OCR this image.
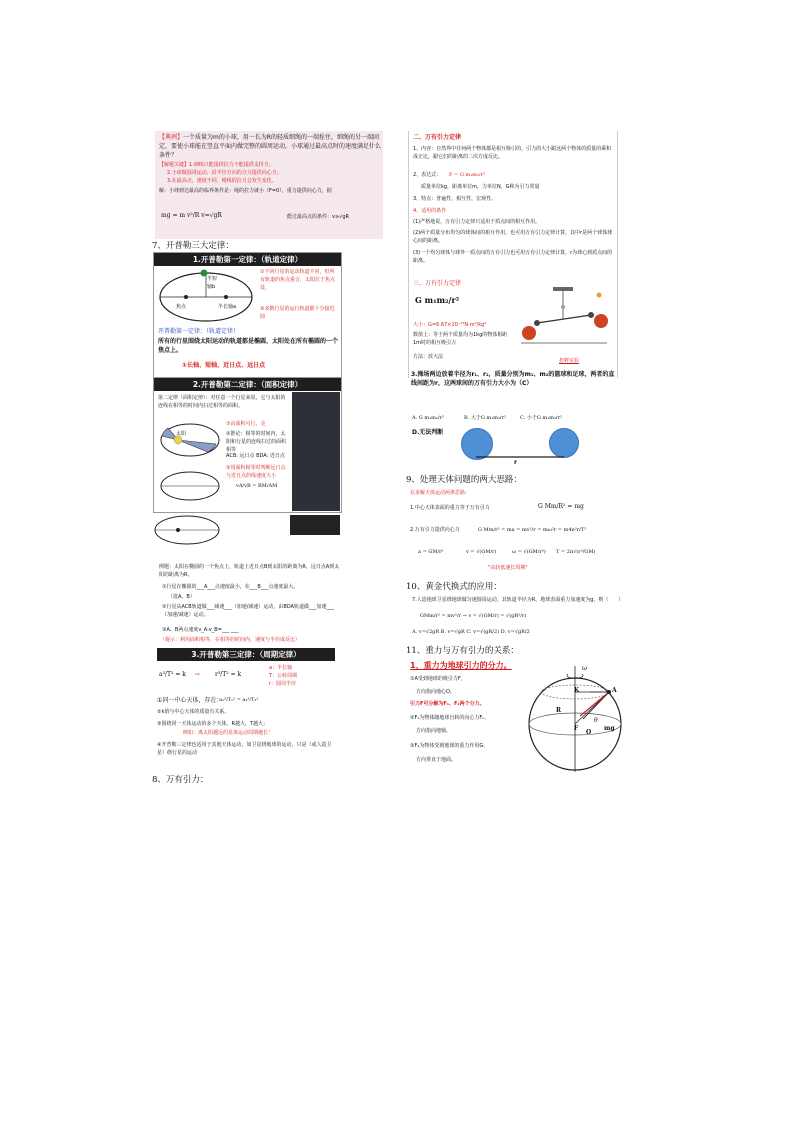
【典例】一个质量为m的小球，用一长为R的轻质细绳的一端拴住，细绳的另一端固定，要使小球能在竖直平面内做完整的圆周运动，小球通过最高点时的速度满足什么条件？
【解题关键】1.细线只能提供拉力不能提供支持力；
2.小球做圆周运动，沿半径方向的合力提供向心力；
3.在最高点，速度不同，绳线的拉力会发生变化。
解：小球到达最高的临界条件是：绳的拉力就小（F=0），重力提供向心力，据
mg = m v²/R v=√gR	能过最高点的条件：v≥√gR
7、开普勒三大定律：
1.开普勒第一定律：（轨道定律）
焦点	半长轴a
半短轴b
①不同行星的运动轨道不同，但所有轨道的焦点重合，太阳位于焦点处。
③多数行星的运行轨道都十分接近圆
开普勒第一定律：（轨道定律）
所有的行星围绕太阳运动的轨道都是椭圆，太阳处在所有椭圆的一个焦点上。
①长轴、短轴、近日点、远日点
2.开普勒第二定律：（面积定律）
第二定律（面积定律）：对任意一个行星来说，它与太阳的连线在相等的时间内扫过相等的面积。
太阳
①由面积可行，走
②推论：相等的时间内，太阳和行星的连线扫过的面积相等
ACB: 远日点 BDA: 近日点
③用面积相等时判断远日点与近日点的线速度大小
vA/vB = BM/AM
例题：太阳在椭圆的一个焦点上，轨道上近日点B到太阳的距离为R，远日点A到太阳的距离为R。
①行星在椭圆的___A___点速度最小，在___B___点速度最大。
（选A、B）
②行星从ACB轨道做___减速___（加速/减速）运动，由BDA轨道做___加速___（加速/减速）运动。
③A、B两点速度v_A:v_B=___ ___
（提示：利用面积相等，在相等的时间内，速度与半径成反比）
3.开普勒第三定律：（周期定律）
a³/T² = k ⇨ r³/T² = k
a：半长轴
T：公转周期
r：圆周半径
①同一中心天体，存在：
a₁³/T₁² = a₂³/T₂²
②k值与中心天体的质量有关系。
③围绕同一天体运动的多个天体，R越大，T越大；
例如：离太阳越远的星体运动周期越长！
④开普勒三定律也适用于其他天体运动，如卫星绕地球的运动，只是（或人造卫星）绕行星的运动
8、万有引力：
二、万有引力定律
1、内容：自然界中任何两个物体都是相互吸引的，引力的大小跟这两个物体的质量的乘积成正比，跟它们的距离的二次方成反比。
2、表达式： F = G m₁m₂/r²
质量单位kg，距离单位m，力单位N。G称为引力常量
3、特点：普遍性，相互性，宏观性。
4、适用的条件
(1)严格地说，万有引力定律只适用于质点间的相互作用。
(2)两个质量分布均匀的球体间的相互作用，也可用万有引力定律计算，其中r是两个球体球心间的距离。
(3)一个均匀球体与球外一质点间的万有引力也可用万有引力定律计算，r为球心到质点间的距离。
三、万有引力定律
G m₁m₂/r²
大小：G=6.67×10⁻¹¹N·m²/kg²
数值上：等于两个质量均为1kg的物体相距1m时的相互吸引力
方法：放大法
扭秤实验
3.操场两边放着半径为r₁、r₂，质量分别为m₁、m₂的篮球和足球，两者的直线间距为r，这两球间的万有引力大小为（C）
A. G m₁m₂/r²	B. 大于G m₁m₂/r²	C. 小于G m₁m₂/r²
D.无法判断
r
9、处理天体问题的两大思路：
在求解天体运动两条思路：
1.中心天体表面的重力等于万有引力	G Mm/R² = mg
2.万有引力提供向心力	G Mm/r² = ma = mv²/r = mω²r = m4π²r/T²
a = GM/r²	v = √(GM/r)	ω = √(GM/r³) T = 2π√(r³/GM)
"高轨低速长周期"
10、黄金代换式的应用：
7.人造地球卫星绕地球做匀速圆周运动，其轨道半径为R，地球表面重力加速度为g，则（　　）
GMm/r² = mv²/r → v = √(GM/r) = √(gR²/r)
A. v=√2gR B. v=√gR C. v=√(gR/2) D. v=√gR/2
11、重力与万有引力的关系：
1、重力为地球引力的分力。
①A受到地球的吸引力F，
方向指向地心O。
引力F可分解为F₁、F₂两个分力。
②F₁为物体随地球自转的向心力Fₙ，
方向指向地轴。
③F₂为物体受到地球的重力作用G，
方向垂直于地面。
ω
K	A
R
θ
mg
F
O
